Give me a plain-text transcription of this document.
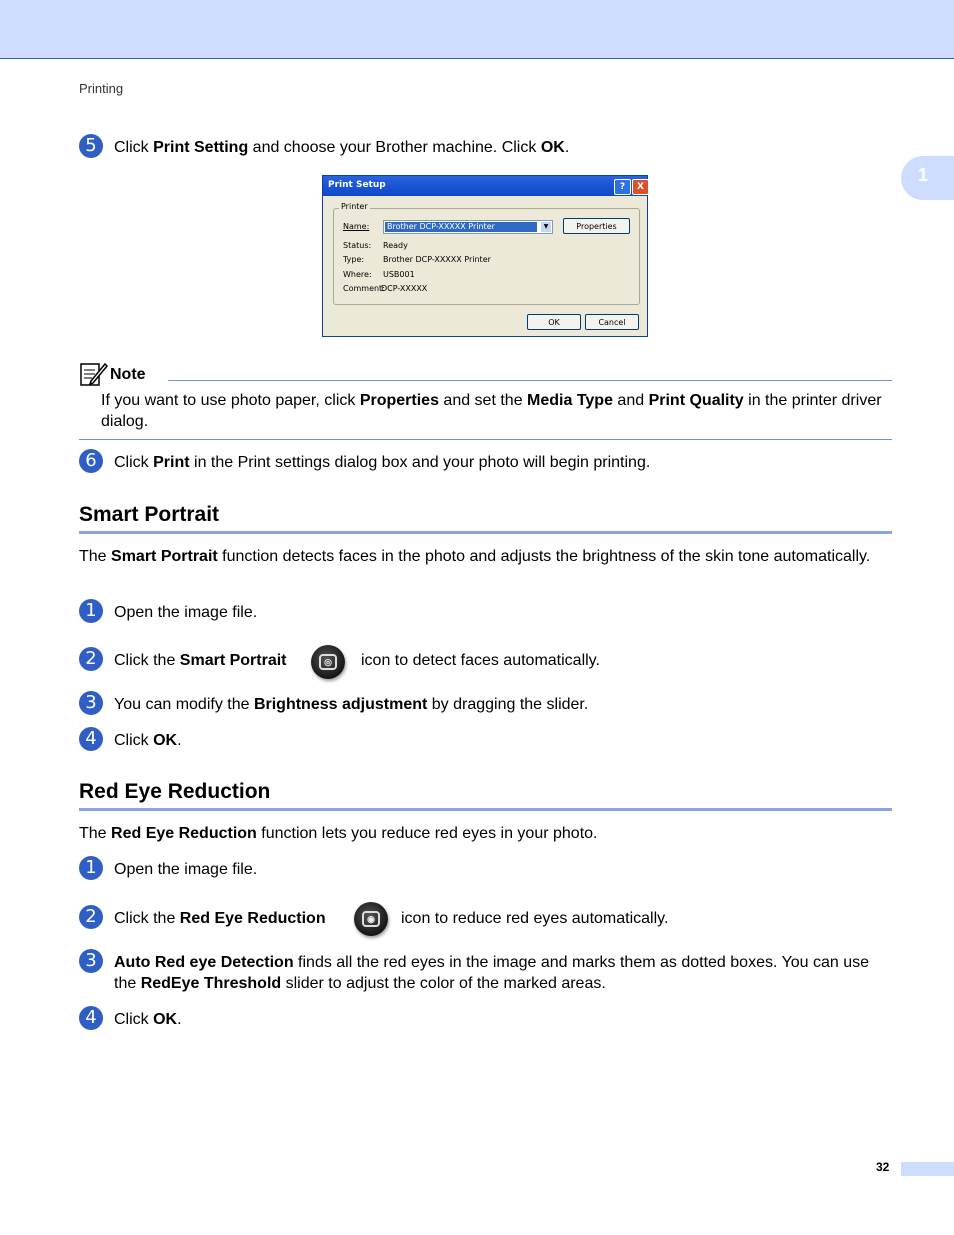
Printing
1
5	Click Print Setting and choose your Brother machine. Click OK.
Print Setup	?	X
Printer
Name: Brother DCP-XXXXX Printer	▼	Properties
Status: Ready
Type: Brother DCP-XXXXX Printer
Where: USB001
Comment:
DCP-XXXXX
OK	Cancel
Note
If you want to use photo paper, click Properties and set the Media Type and Print Quality in the printer driver dialog.
6	Click Print in the Print settings dialog box and your photo will begin printing.
Smart Portrait
The Smart Portrait function detects faces in the photo and adjusts the brightness of the skin tone automatically.
1	Open the image file.
2	Click the Smart Portrait	◎	icon to detect faces automatically.
3	You can modify the Brightness adjustment by dragging the slider.
4	Click OK.
Red Eye Reduction
The Red Eye Reduction function lets you reduce red eyes in your photo.
1	Open the image file.
2	Click the Red Eye Reduction	◉	icon to reduce red eyes automatically.
3	Auto Red eye Detection finds all the red eyes in the image and marks them as dotted boxes. You can use the RedEye Threshold slider to adjust the color of the marked areas.
4	Click OK.
32
